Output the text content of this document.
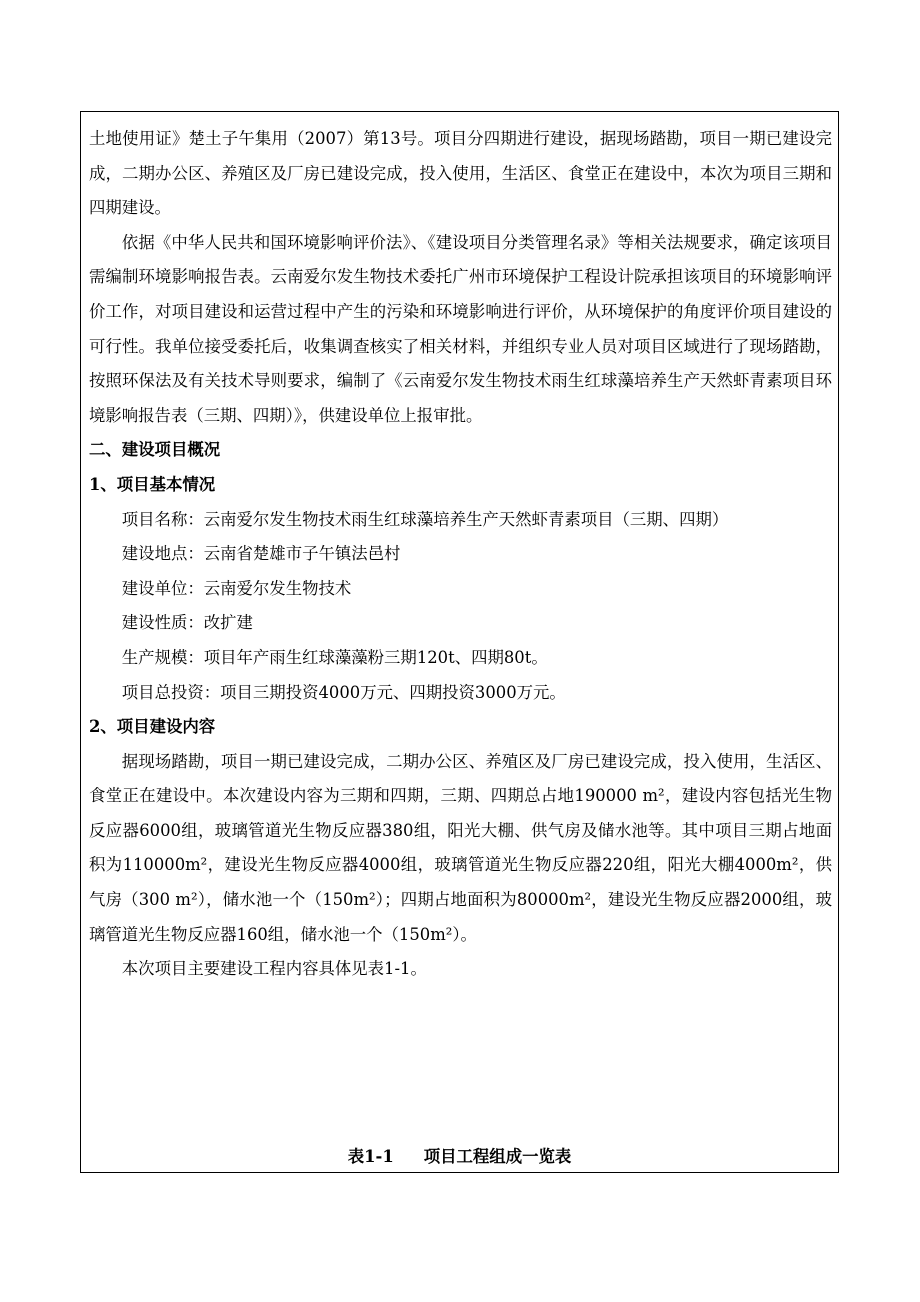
土地使用证》楚土子午集用（2007）第13号。项目分四期进行建设，据现场踏勘，项目一期已建设完成，二期办公区、养殖区及厂房已建设完成，投入使用，生活区、食堂正在建设中，本次为项目三期和四期建设。

依据《中华人民共和国环境影响评价法》、《建设项目分类管理名录》等相关法规要求，确定该项目需编制环境影响报告表。云南爱尔发生物技术委托广州市环境保护工程设计院承担该项目的环境影响评价工作，对项目建设和运营过程中产生的污染和环境影响进行评价，从环境保护的角度评价项目建设的可行性。我单位接受委托后，收集调查核实了相关材料，并组织专业人员对项目区域进行了现场踏勘，按照环保法及有关技术导则要求，编制了《云南爱尔发生物技术雨生红球藻培养生产天然虾青素项目环境影响报告表（三期、四期）》，供建设单位上报审批。

二、建设项目概况

1、项目基本情况

项目名称：云南爱尔发生物技术雨生红球藻培养生产天然虾青素项目（三期、四期）

建设地点：云南省楚雄市子午镇法邑村

建设单位：云南爱尔发生物技术

建设性质：改扩建

生产规模：项目年产雨生红球藻藻粉三期120t、四期80t。

项目总投资：项目三期投资4000万元、四期投资3000万元。

2、项目建设内容

据现场踏勘，项目一期已建设完成，二期办公区、养殖区及厂房已建设完成，投入使用，生活区、食堂正在建设中。本次建设内容为三期和四期，三期、四期总占地190000 m²，建设内容包括光生物反应器6000组，玻璃管道光生物反应器380组，阳光大棚、供气房及储水池等。其中项目三期占地面积为110000m²，建设光生物反应器4000组，玻璃管道光生物反应器220组，阳光大棚4000m²，供气房（300 m²），储水池一个（150m²）；四期占地面积为80000m²，建设光生物反应器2000组，玻璃管道光生物反应器160组，储水池一个（150m²）。

本次项目主要建设工程内容具体见表1-1。

表1-1 项目工程组成一览表
